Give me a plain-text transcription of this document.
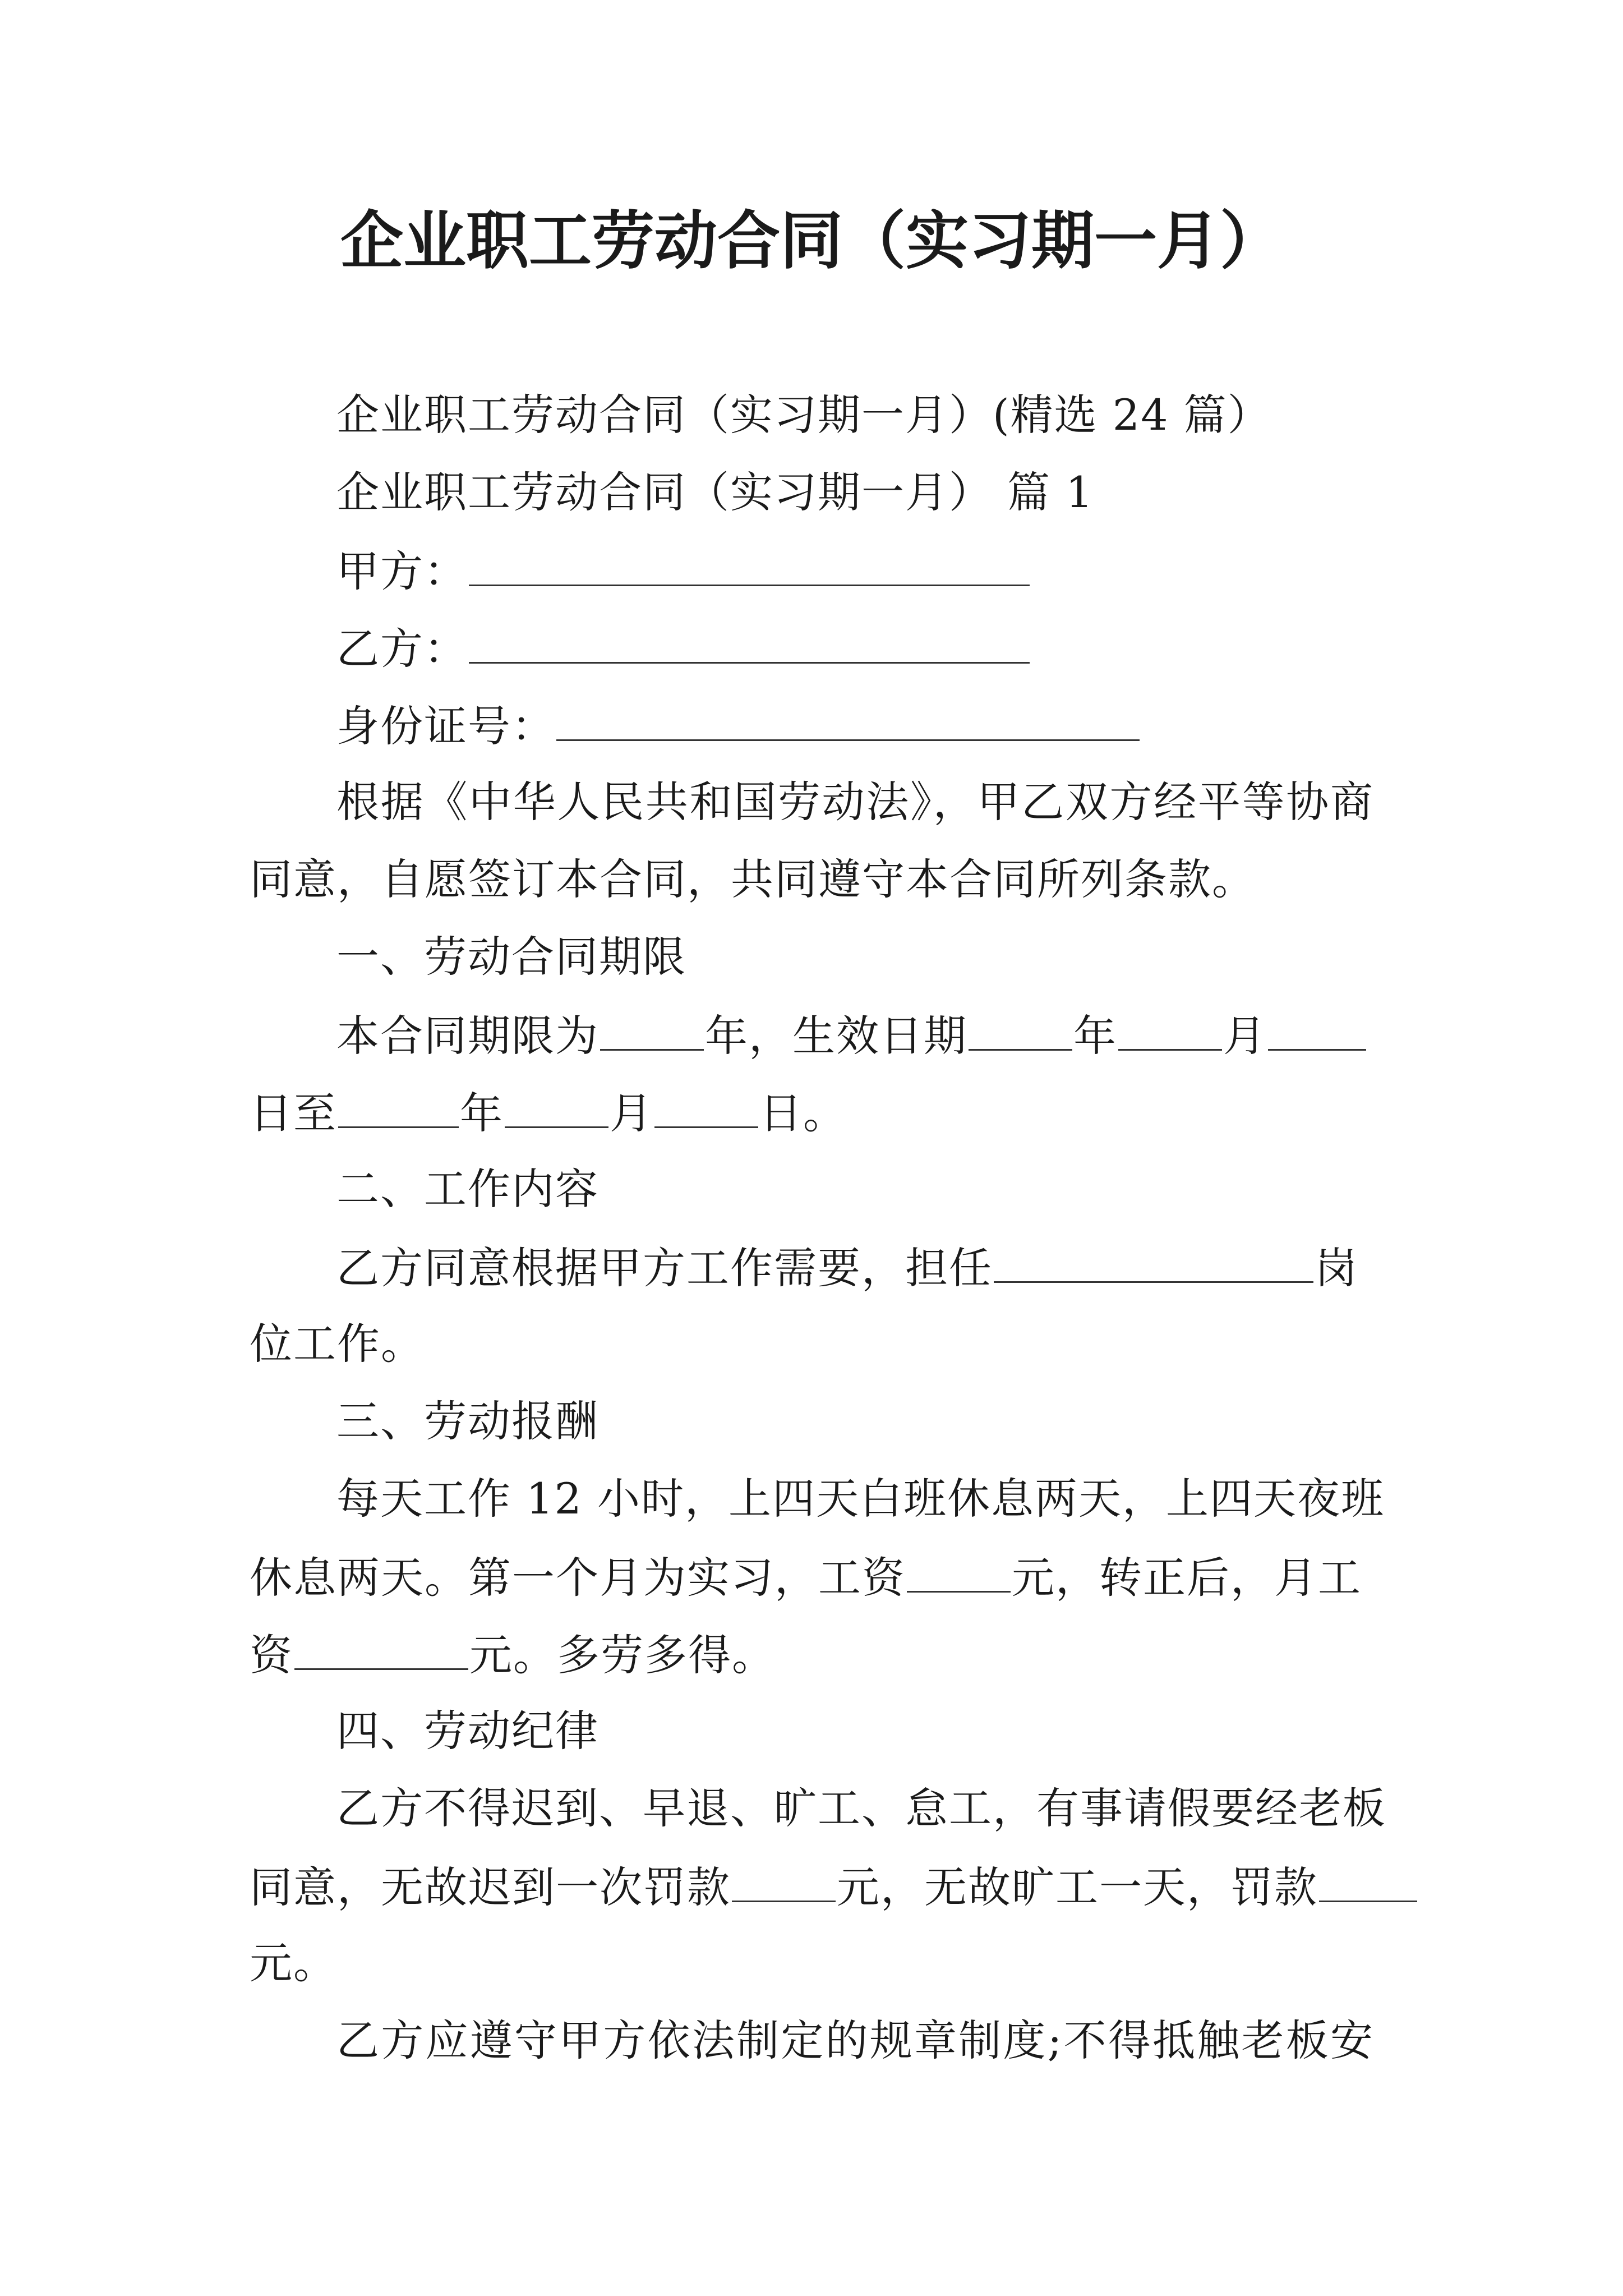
企业职工劳动合同（实习期一月）
企业职工劳动合同（实习期一月）(精选 24 篇）
企业职工劳动合同（实习期一月） 篇 1
甲方：
乙方：
身份证号：
根据《中华人民共和国劳动法》，甲乙双方经平等协商
同意，自愿签订本合同，共同遵守本合同所列条款。
一、劳动合同期限
本合同期限为 年，生效日期 年 月
日至	年 月 日。
二、工作内容
乙方同意根据甲方工作需要，担任	岗
位工作。
三、劳动报酬
每天工作 12 小时，上四天白班休息两天，上四天夜班
休息两天。第一个月为实习，工资 元，转正后，月工
资	元。多劳多得。
四、劳动纪律
乙方不得迟到、早退、旷工、怠工，有事请假要经老板
同意，无故迟到一次罚款 元，无故旷工一天，罚款
元。
乙方应遵守甲方依法制定的规章制度;不得抵触老板安
